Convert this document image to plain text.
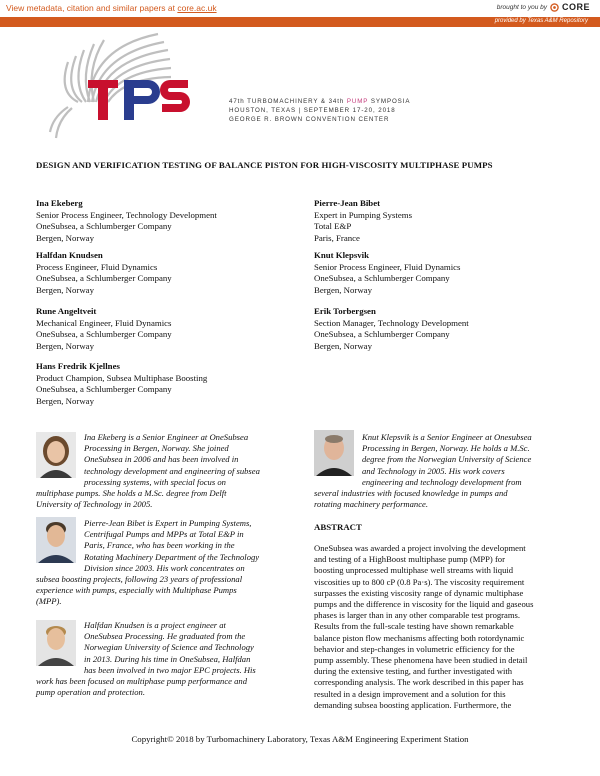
View metadata, citation and similar papers at core.ac.uk	brought to you by CORE
provided by Texas A&M Repository
47th TURBOMACHINERY & 34th PUMP SYMPOSIA
HOUSTON, TEXAS | SEPTEMBER 17-20, 2018
GEORGE R. BROWN CONVENTION CENTER
DESIGN AND VERIFICATION TESTING OF BALANCE PISTON FOR HIGH-VISCOSITY MULTIPHASE PUMPS
Ina Ekeberg
Senior Process Engineer, Technology Development
OneSubsea, a Schlumberger Company
Bergen, Norway
Halfdan Knudsen
Process Engineer, Fluid Dynamics
OneSubsea, a Schlumberger Company
Bergen, Norway
Rune Angeltveit
Mechanical Engineer, Fluid Dynamics
OneSubsea, a Schlumberger Company
Bergen, Norway
Hans Fredrik Kjellnes
Product Champion, Subsea Multiphase Boosting
OneSubsea, a Schlumberger Company
Bergen, Norway
Pierre-Jean Bibet
Expert in Pumping Systems
Total E&P
Paris, France
Knut Klepsvik
Senior Process Engineer, Fluid Dynamics
OneSubsea, a Schlumberger Company
Bergen, Norway
Erik Torbergsen
Section Manager, Technology Development
OneSubsea, a Schlumberger Company
Bergen, Norway
Ina Ekeberg is a Senior Engineer at OneSubsea
Processing in Bergen, Norway. She joined
OneSubsea in 2006 and has been involved in
technology development and engineering of subsea
processing systems, with special focus on
multiphase pumps. She holds a M.Sc. degree from Delft
University of Technology in 2005.
Pierre-Jean Bibet is Expert in Pumping Systems,
Centrifugal Pumps and MPPs at Total E&P in
Paris, France, who has been working in the
Rotating Machinery Department of the Technology
Division since 2003. His work concentrates on
subsea boosting projects, following 23 years of professional
experience with pumps, especially with Multiphase Pumps
(MPP).
Halfdan Knudsen is a project engineer at
OneSubsea Processing. He graduated from the
Norwegian University of Science and Technology
in 2013. During his time in OneSubsea, Halfdan
has been involved in two major EPC projects. His
work has been focused on multiphase pump performance and
pump operation and protection.
Knut Klepsvik is a Senior Engineer at Onesubsea
Processing in Bergen, Norway. He holds a M.Sc.
degree from the Norwegian University of Science
and Technology in 2005. His work covers
engineering and technology development from
several industries with focused knowledge in pumps and
rotating machinery performance.
ABSTRACT
OneSubsea was awarded a project involving the development
and testing of a HighBoost multiphase pump (MPP) for
boosting unprocessed multiphase well streams with liquid
viscosities up to 800 cP (0.8 Pa·s). The viscosity requirement
surpasses the existing viscosity range of dynamic multiphase
pumps and the difference in viscosity for the liquid and gaseous
phases is larger than in any other comparable test programs.
Results from the full-scale testing have shown remarkable
balance piston flow mechanisms affecting both rotordynamic
behavior and step-changes in volumetric efficiency for the
pump assembly. These phenomena have been studied in detail
during the extensive testing, and further investigated with
corresponding analysis. The work described in this paper has
resulted in a design improvement and a solution for this
demanding subsea boosting application. Furthermore, the
Copyright© 2018 by Turbomachinery Laboratory, Texas A&M Engineering Experiment Station
